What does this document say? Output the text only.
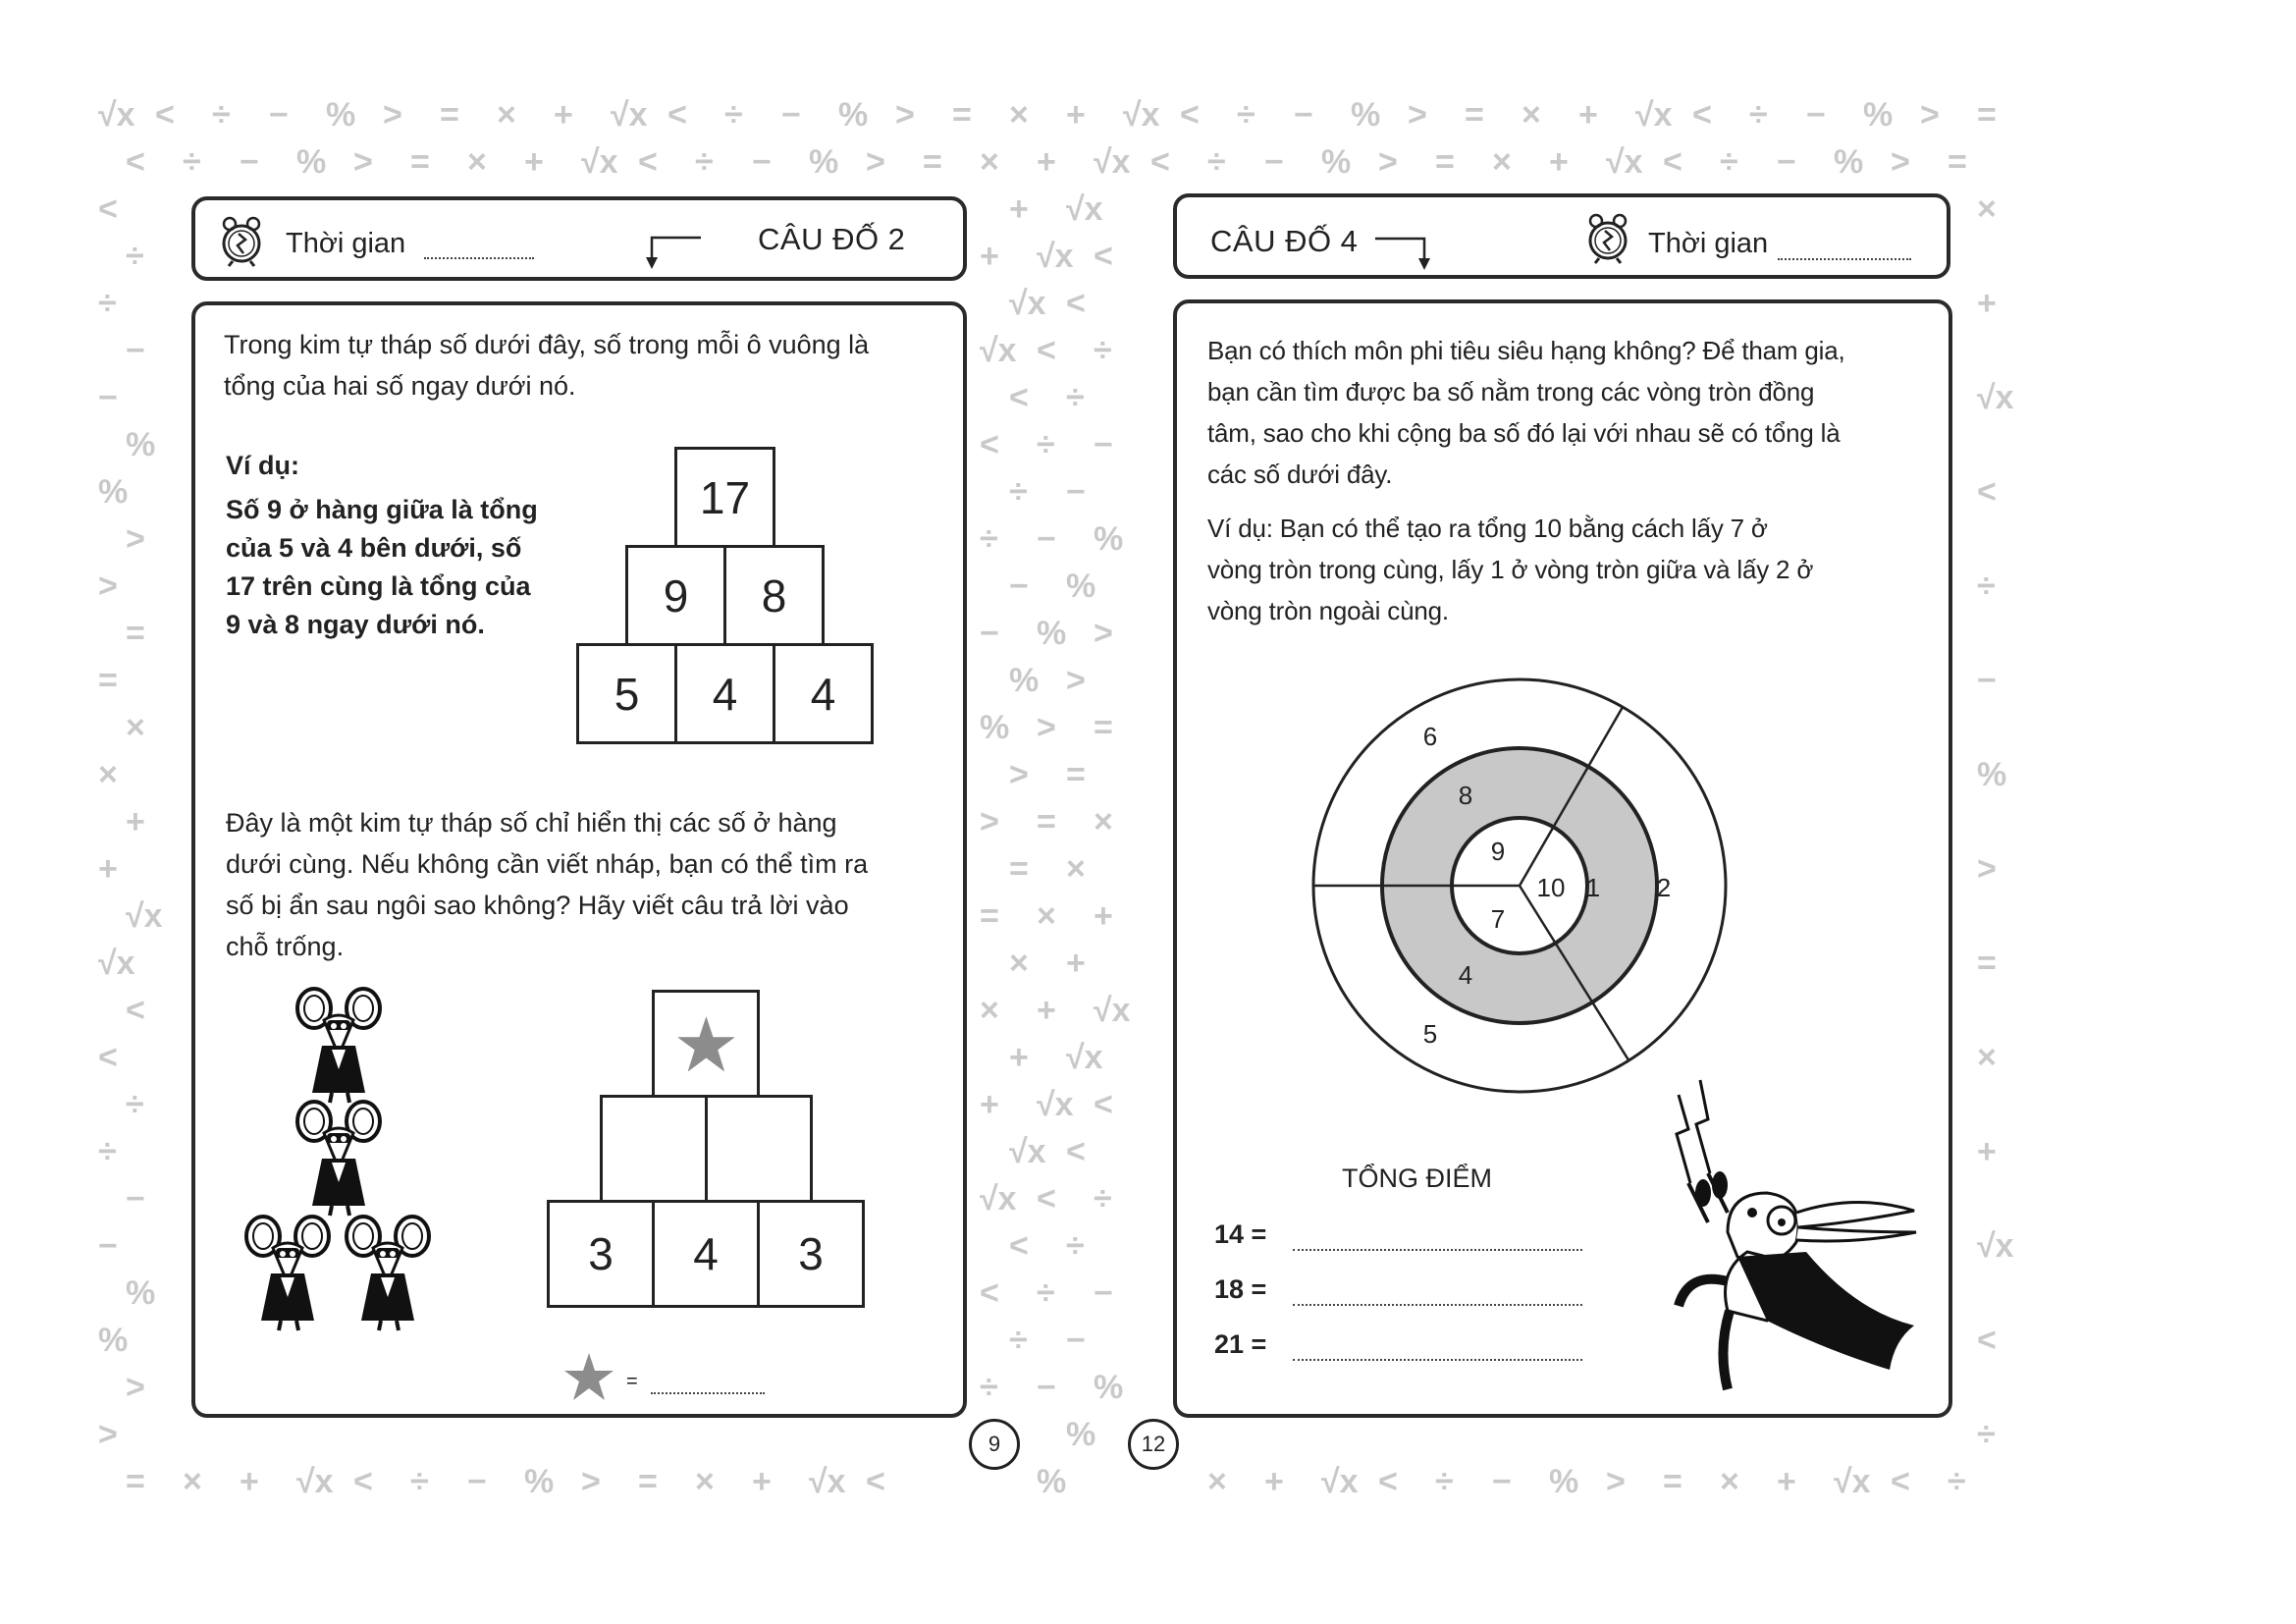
√x < ÷ − % > = × + √x < ÷ − % > = × + √x < ÷ − % > = × + √x < ÷ − % > =
< ÷ − % > = × + √x < ÷ − % > = × + √x < ÷ − % > = × + √x < ÷ − % > =
<	+ √x	×
÷	+ √x <
÷	√x <	+
−	√x < ÷
−	< ÷	√x
%	< ÷ −
%	÷ −	<
>	÷ − %
>	− %	÷
=	− % >
=	% >	−
×	% > =
×	> =	%
+	> = ×
+	= ×	>
√x	= × +
√x	× +	=
<	× + √x
<	+ √x	×
÷	+ √x <
÷	√x <	+
−	√x < ÷
−	< ÷	√x
%	< ÷ −
%	÷ −	<
>	÷ − %
>	%	÷
= × + √x < ÷ − % > = × + √x <	%	× + √x < ÷ − % > = × + √x < ÷
Thời gian	CÂU ĐỐ 2
Trong kim tự tháp số dưới đây, số trong mỗi ô vuông là
tổng của hai số ngay dưới nó.
Ví dụ:
Số 9 ở hàng giữa là tổng
của 5 và 4 bên dưới, số
17 trên cùng là tổng của
9 và 8 ngay dưới nó.
17
9	8
5	4	4
Đây là một kim tự tháp số chỉ hiển thị các số ở hàng
dưới cùng. Nếu không cần viết nháp, bạn có thể tìm ra
số bị ẩn sau ngôi sao không? Hãy viết câu trả lời vào
chỗ trống.
3	4	3
=
9
CÂU ĐỐ 4	Thời gian
Bạn có thích môn phi tiêu siêu hạng không? Để tham gia,
bạn cần tìm được ba số nằm trong các vòng tròn đồng
tâm, sao cho khi cộng ba số đó lại với nhau sẽ có tổng là
các số dưới đây.
Ví dụ: Bạn có thể tạo ra tổng 10 bằng cách lấy 7 ở
vòng tròn trong cùng, lấy 1 ở vòng tròn giữa và lấy 2 ở
vòng tròn ngoài cùng.
9
10
7
8
1
4
6
2
5
TỔNG ĐIỂM
14 =
18 =
21 =
12
